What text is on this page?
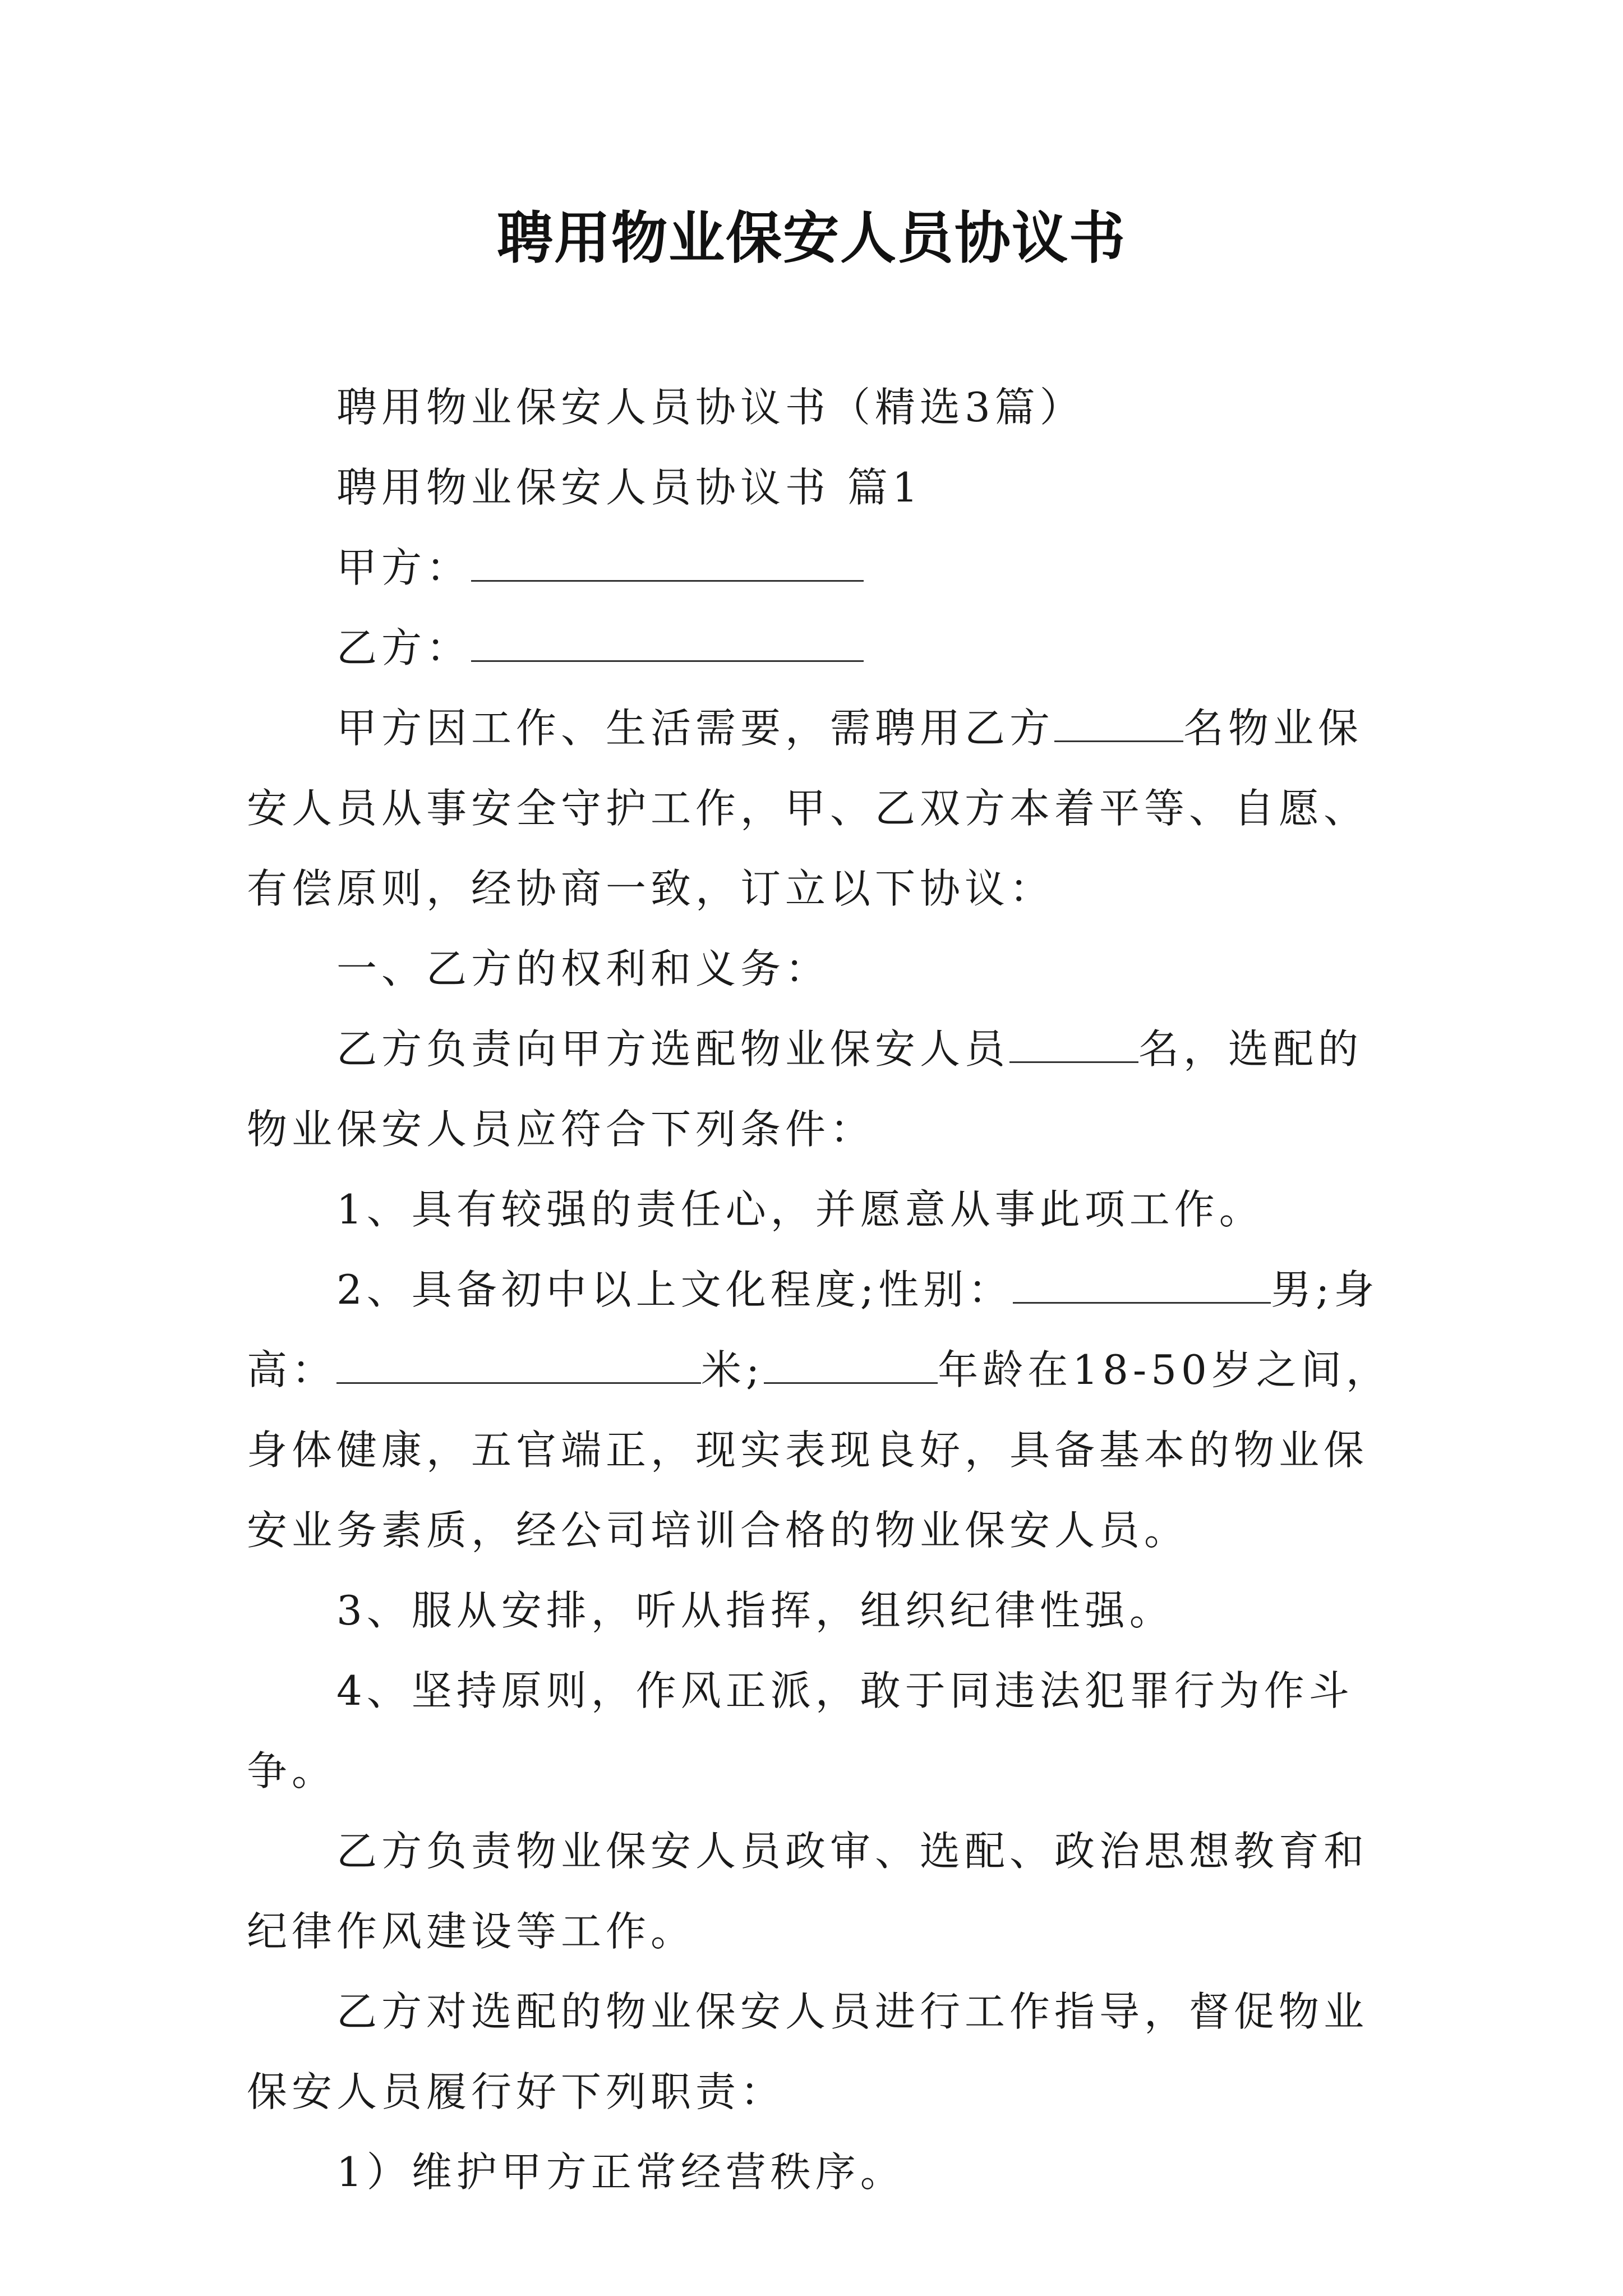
聘用物业保安人员协议书

聘用物业保安人员协议书（精选3篇）

聘用物业保安人员协议书 篇1

甲方：

乙方：

甲方因工作、生活需要，需聘用乙方	名物业保安人员从事安全守护工作，甲、乙双方本着平等、自愿、有偿原则，经协商一致，订立以下协议：

一、乙方的权利和义务：

乙方负责向甲方选配物业保安人员	名，选配的物业保安人员应符合下列条件：

1、具有较强的责任心，并愿意从事此项工作。

2、具备初中以上文化程度;性别：	男;身高：	米;	年龄在18-50岁之间，身体健康，五官端正，现实表现良好，具备基本的物业保安业务素质，经公司培训合格的物业保安人员。

3、服从安排，听从指挥，组织纪律性强。

4、坚持原则，作风正派，敢于同违法犯罪行为作斗争。

乙方负责物业保安人员政审、选配、政治思想教育和纪律作风建设等工作。

乙方对选配的物业保安人员进行工作指导，督促物业保安人员履行好下列职责：

1）维护甲方正常经营秩序。
